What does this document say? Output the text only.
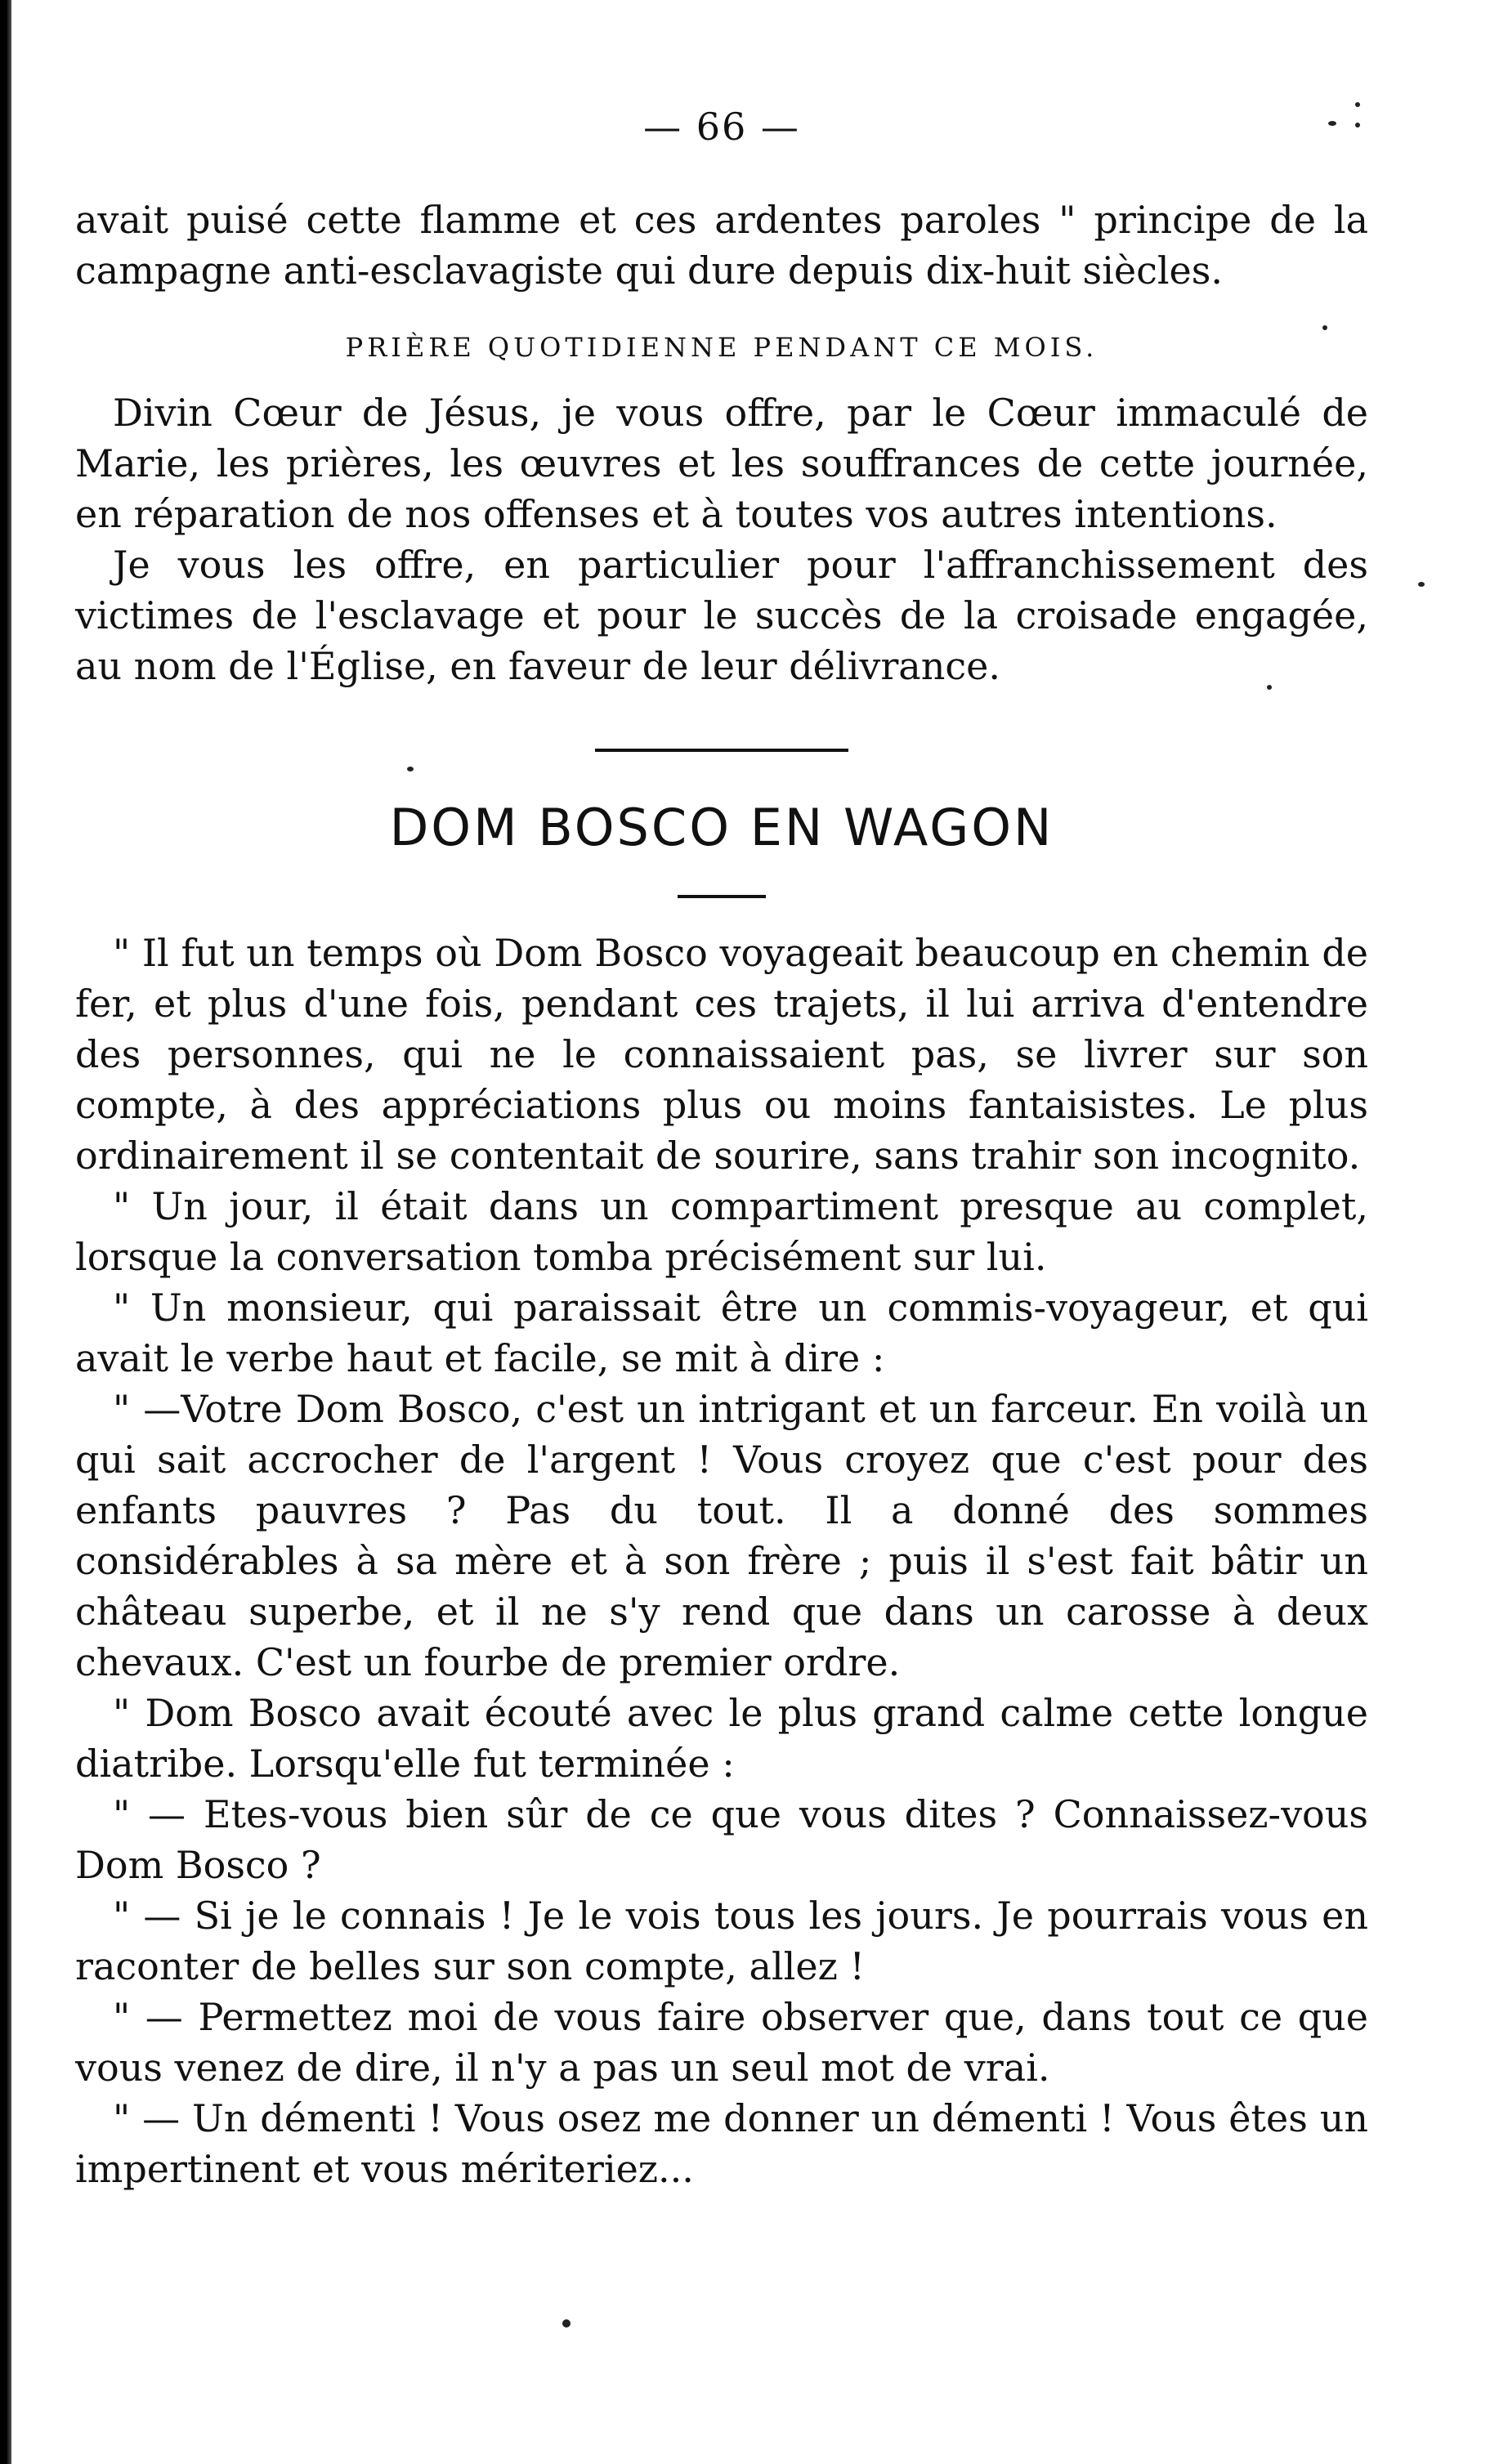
— 66 —

avait puisé cette flamme et ces ardentes paroles " principe de la campagne anti-esclavagiste qui dure depuis dix-huit siècles.

PRIÈRE QUOTIDIENNE PENDANT CE MOIS.

Divin Cœur de Jésus, je vous offre, par le Cœur immaculé de Marie, les prières, les œuvres et les souffrances de cette journée, en réparation de nos offenses et à toutes vos autres intentions.

Je vous les offre, en particulier pour l'affranchissement des victimes de l'esclavage et pour le succès de la croisade engagée, au nom de l'Église, en faveur de leur délivrance.

DOM BOSCO EN WAGON

" Il fut un temps où Dom Bosco voyageait beaucoup en chemin de fer, et plus d'une fois, pendant ces trajets, il lui arriva d'entendre des personnes, qui ne le connaissaient pas, se livrer sur son compte, à des appréciations plus ou moins fantaisistes. Le plus ordinairement il se contentait de sourire, sans trahir son incognito.

" Un jour, il était dans un compartiment presque au complet, lorsque la conversation tomba précisément sur lui.

" Un monsieur, qui paraissait être un commis-voyageur, et qui avait le verbe haut et facile, se mit à dire :

" —Votre Dom Bosco, c'est un intrigant et un farceur. En voilà un qui sait accrocher de l'argent ! Vous croyez que c'est pour des enfants pauvres ? Pas du tout. Il a donné des sommes considérables à sa mère et à son frère ; puis il s'est fait bâtir un château superbe, et il ne s'y rend que dans un carosse à deux chevaux. C'est un fourbe de premier ordre.

" Dom Bosco avait écouté avec le plus grand calme cette longue diatribe. Lorsqu'elle fut terminée :

" — Etes-vous bien sûr de ce que vous dites ? Connaissez-vous Dom Bosco ?

" — Si je le connais ! Je le vois tous les jours. Je pourrais vous en raconter de belles sur son compte, allez !

" — Permettez moi de vous faire observer que, dans tout ce que vous venez de dire, il n'y a pas un seul mot de vrai.

" — Un démenti ! Vous osez me donner un démenti ! Vous êtes un impertinent et vous mériteriez...
